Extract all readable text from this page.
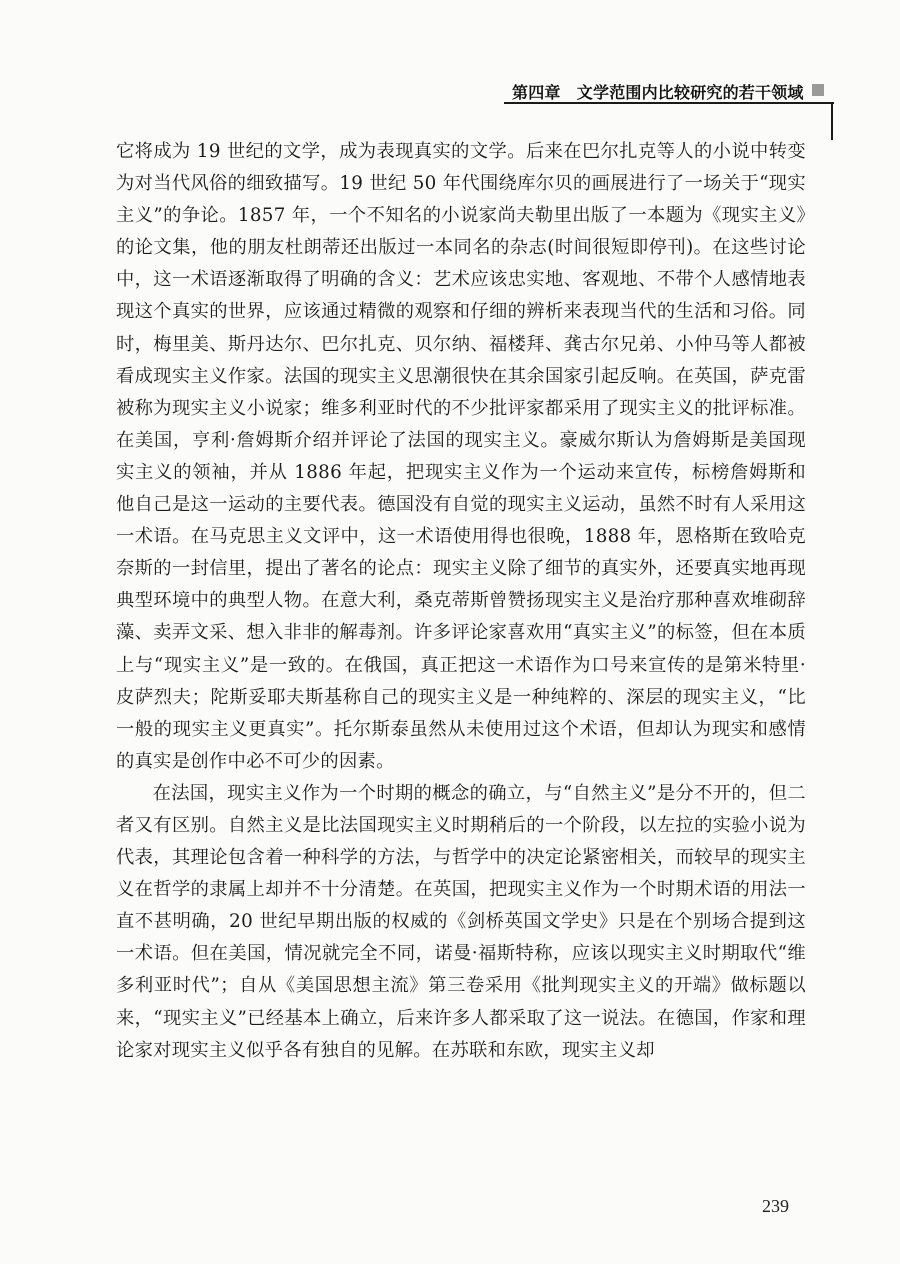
第四章　文学范围内比较研究的若干领域

它将成为 19 世纪的文学，成为表现真实的文学。后来在巴尔扎克等人的小说中转变为对当代风俗的细致描写。19 世纪 50 年代围绕库尔贝的画展进行了一场关于“现实主义”的争论。1857 年，一个不知名的小说家尚夫勒里出版了一本题为《现实主义》的论文集，他的朋友杜朗蒂还出版过一本同名的杂志(时间很短即停刊)。在这些讨论中，这一术语逐渐取得了明确的含义：艺术应该忠实地、客观地、不带个人感情地表现这个真实的世界，应该通过精微的观察和仔细的辨析来表现当代的生活和习俗。同时，梅里美、斯丹达尔、巴尔扎克、贝尔纳、福楼拜、龚古尔兄弟、小仲马等人都被看成现实主义作家。法国的现实主义思潮很快在其余国家引起反响。在英国，萨克雷被称为现实主义小说家；维多利亚时代的不少批评家都采用了现实主义的批评标准。在美国，亨利·詹姆斯介绍并评论了法国的现实主义。豪威尔斯认为詹姆斯是美国现实主义的领袖，并从 1886 年起，把现实主义作为一个运动来宣传，标榜詹姆斯和他自己是这一运动的主要代表。德国没有自觉的现实主义运动，虽然不时有人采用这一术语。在马克思主义文评中，这一术语使用得也很晚，1888 年，恩格斯在致哈克奈斯的一封信里，提出了著名的论点：现实主义除了细节的真实外，还要真实地再现典型环境中的典型人物。在意大利，桑克蒂斯曾赞扬现实主义是治疗那种喜欢堆砌辞藻、卖弄文采、想入非非的解毒剂。许多评论家喜欢用“真实主义”的标签，但在本质上与“现实主义”是一致的。在俄国，真正把这一术语作为口号来宣传的是第米特里·皮萨烈夫；陀斯妥耶夫斯基称自己的现实主义是一种纯粹的、深层的现实主义，“比一般的现实主义更真实”。托尔斯泰虽然从未使用过这个术语，但却认为现实和感情的真实是创作中必不可少的因素。

在法国，现实主义作为一个时期的概念的确立，与“自然主义”是分不开的，但二者又有区别。自然主义是比法国现实主义时期稍后的一个阶段，以左拉的实验小说为代表，其理论包含着一种科学的方法，与哲学中的决定论紧密相关，而较早的现实主义在哲学的隶属上却并不十分清楚。在英国，把现实主义作为一个时期术语的用法一直不甚明确，20 世纪早期出版的权威的《剑桥英国文学史》只是在个别场合提到这一术语。但在美国，情况就完全不同，诺曼·福斯特称，应该以现实主义时期取代“维多利亚时代”；自从《美国思想主流》第三卷采用《批判现实主义的开端》做标题以来，“现实主义”已经基本上确立，后来许多人都采取了这一说法。在德国，作家和理论家对现实主义似乎各有独自的见解。在苏联和东欧，现实主义却

239
